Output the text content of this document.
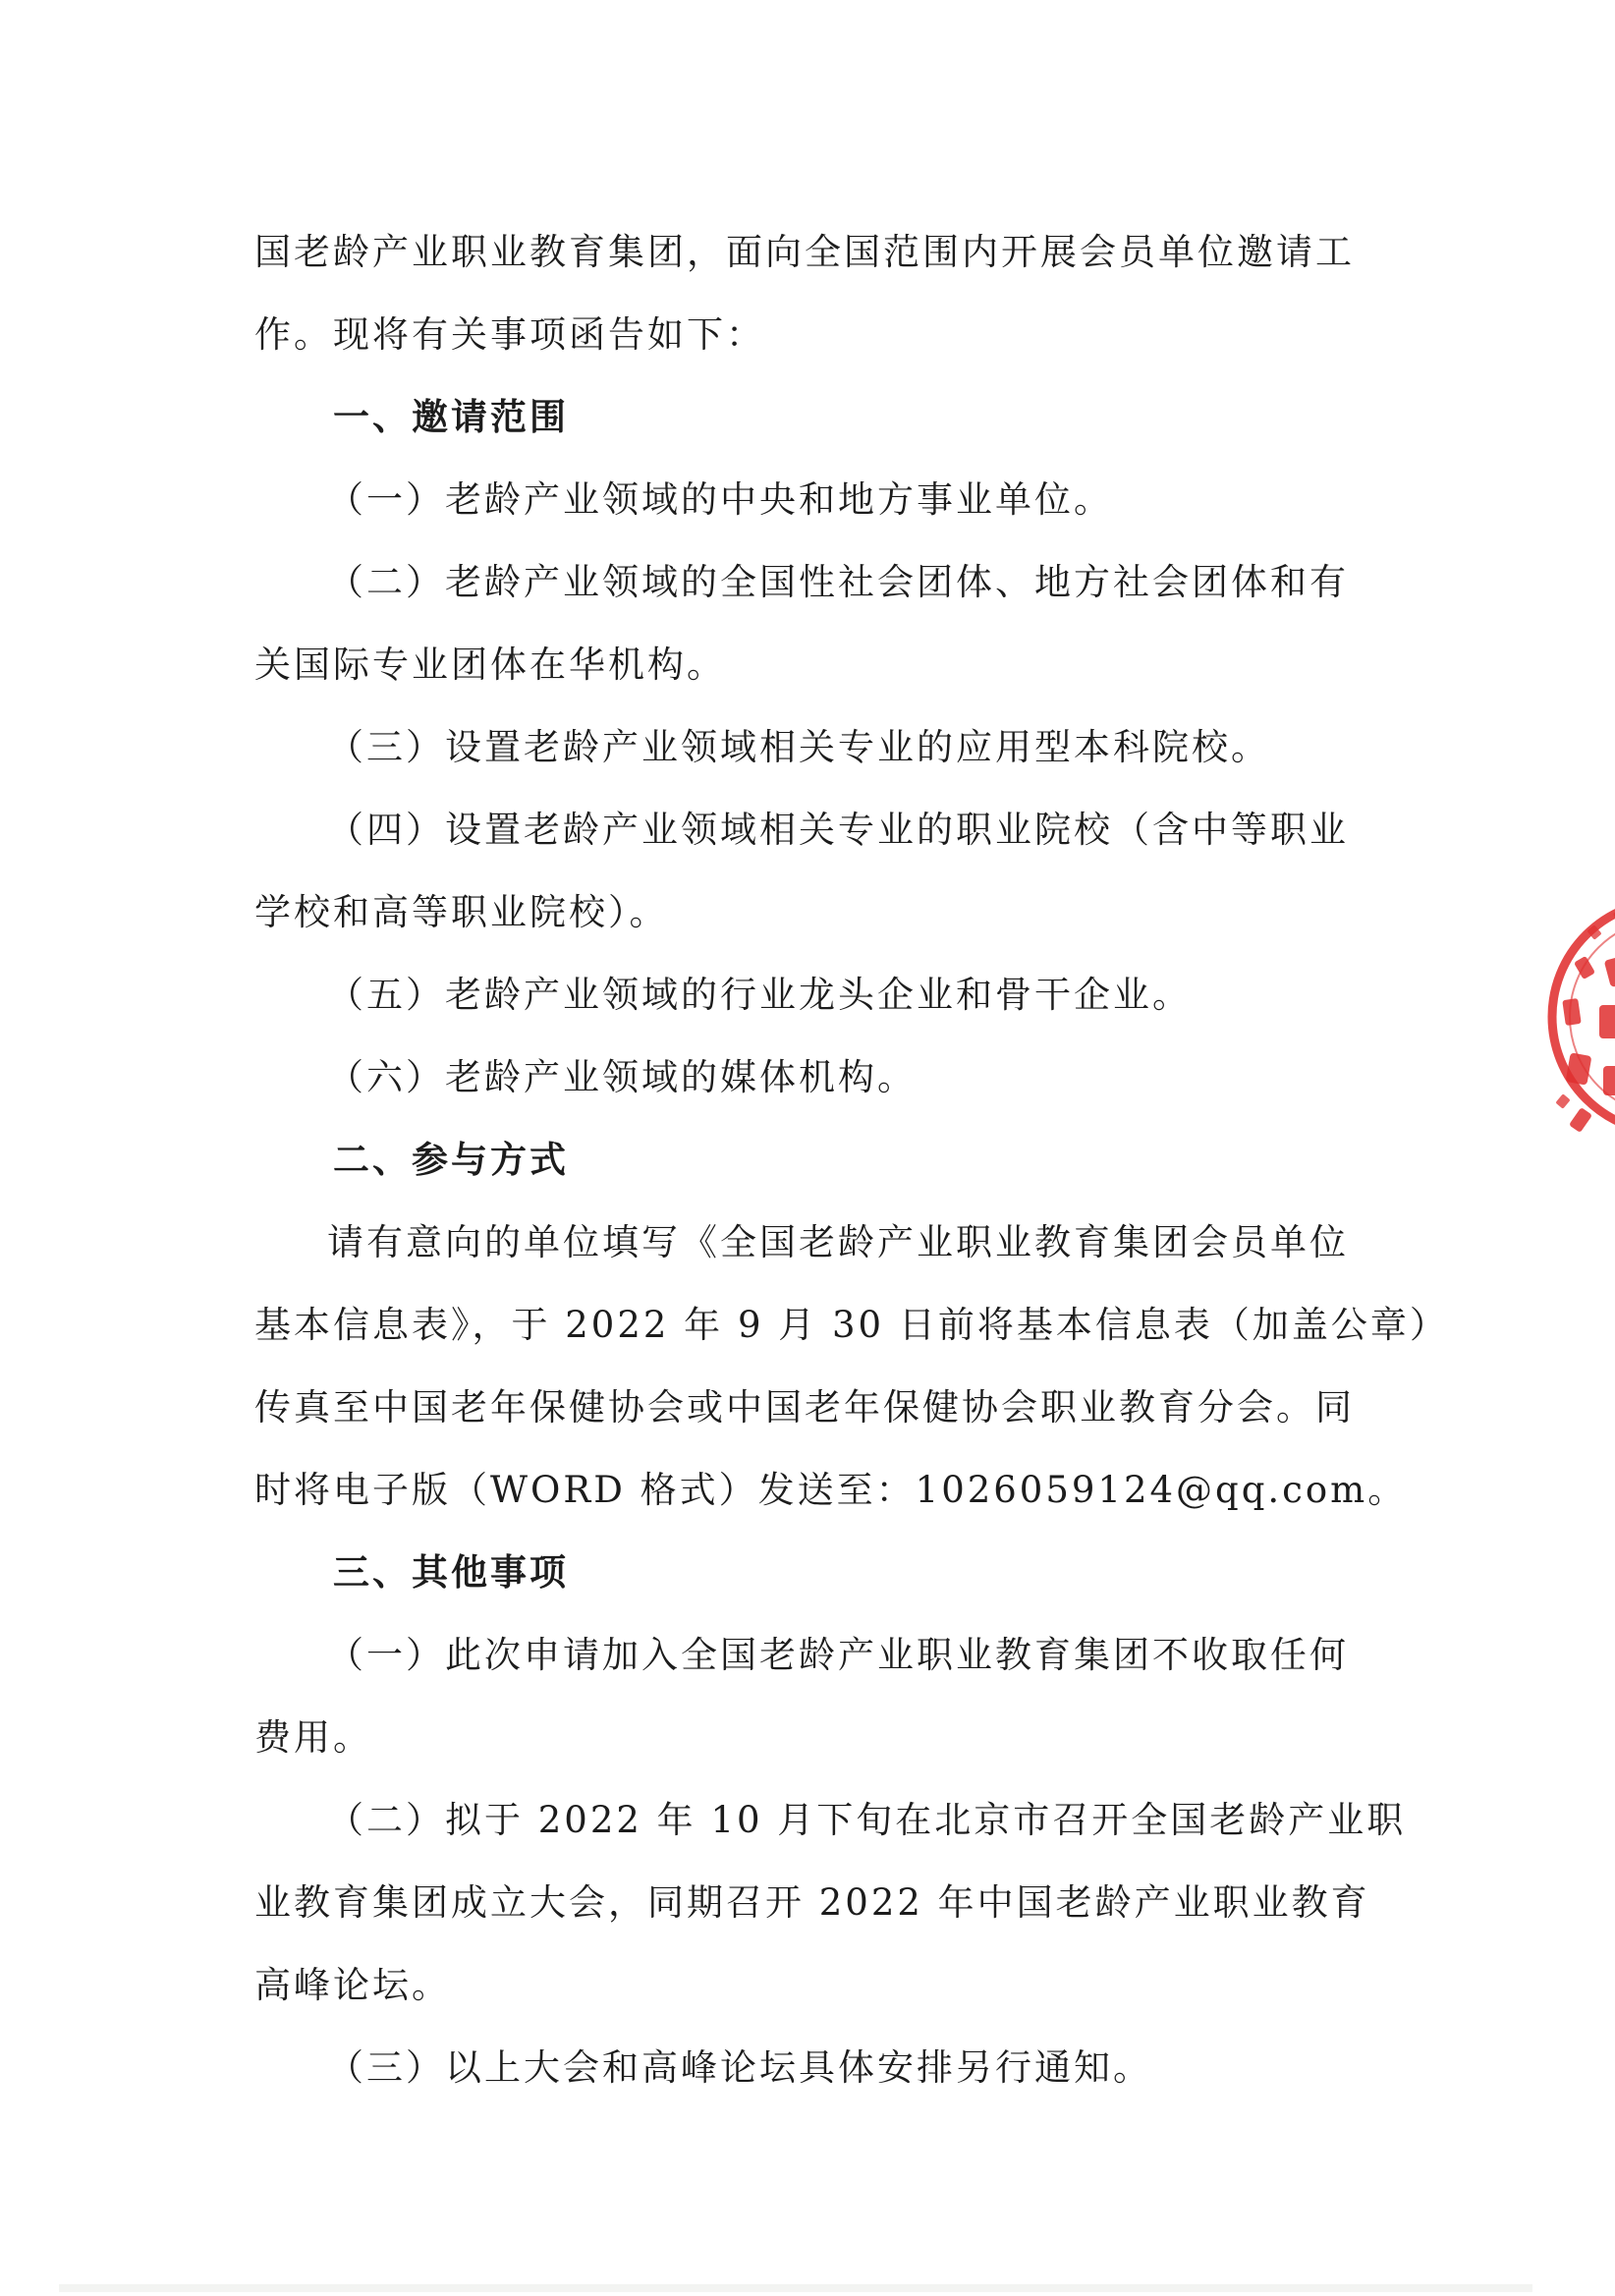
国老龄产业职业教育集团，面向全国范围内开展会员单位邀请工
作。现将有关事项函告如下：
一、邀请范围
（一）老龄产业领域的中央和地方事业单位。
（二）老龄产业领域的全国性社会团体、地方社会团体和有
关国际专业团体在华机构。
（三）设置老龄产业领域相关专业的应用型本科院校。
（四）设置老龄产业领域相关专业的职业院校（含中等职业
学校和高等职业院校）。
（五）老龄产业领域的行业龙头企业和骨干企业。
（六）老龄产业领域的媒体机构。
二、参与方式
请有意向的单位填写《全国老龄产业职业教育集团会员单位
基本信息表》，于 2022 年 9 月 30 日前将基本信息表（加盖公章）
传真至中国老年保健协会或中国老年保健协会职业教育分会。同
时将电子版（WORD 格式）发送至：1026059124@qq.com。
三、其他事项
（一）此次申请加入全国老龄产业职业教育集团不收取任何
费用。
（二）拟于 2022 年 10 月下旬在北京市召开全国老龄产业职
业教育集团成立大会，同期召开 2022 年中国老龄产业职业教育
高峰论坛。
（三）以上大会和高峰论坛具体安排另行通知。
